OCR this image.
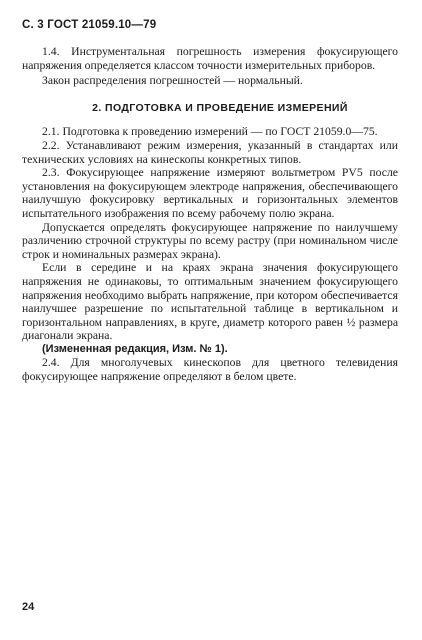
С. 3 ГОСТ 21059.10—79

1.4. Инструментальная погрешность измерения фокусирующего напряжения определяется классом точности измерительных приборов.

Закон распределения погрешностей — нормальный.

2. ПОДГОТОВКА И ПРОВЕДЕНИЕ ИЗМЕРЕНИЙ

2.1. Подготовка к проведению измерений — по ГОСТ 21059.0—75.

2.2. Устанавливают режим измерения, указанный в стандартах или технических условиях на кинескопы конкретных типов.

2.3. Фокусирующее напряжение измеряют вольтметром PV5 после установления на фокусирующем электроде напряжения, обеспечивающего наилучшую фокусировку вертикальных и горизонтальных элементов испытательного изображения по всему рабочему полю экрана.

Допускается определять фокусирующее напряжение по наилучшему различению строчной структуры по всему растру (при номинальном числе строк и номинальных размерах экрана).

Если в середине и на краях экрана значения фокусирующего напряжения не одинаковы, то оптимальным значением фокусирующего напряжения необходимо выбрать напряжение, при котором обеспечивается наилучшее разрешение по испытательной таблице в вертикальном и горизонтальном направлениях, в круге, диаметр которого равен ½ размера диагонали экрана.

(Измененная редакция, Изм. № 1).

2.4. Для многолучевых кинескопов для цветного телевидения фокусирующее напряжение определяют в белом цвете.

24
